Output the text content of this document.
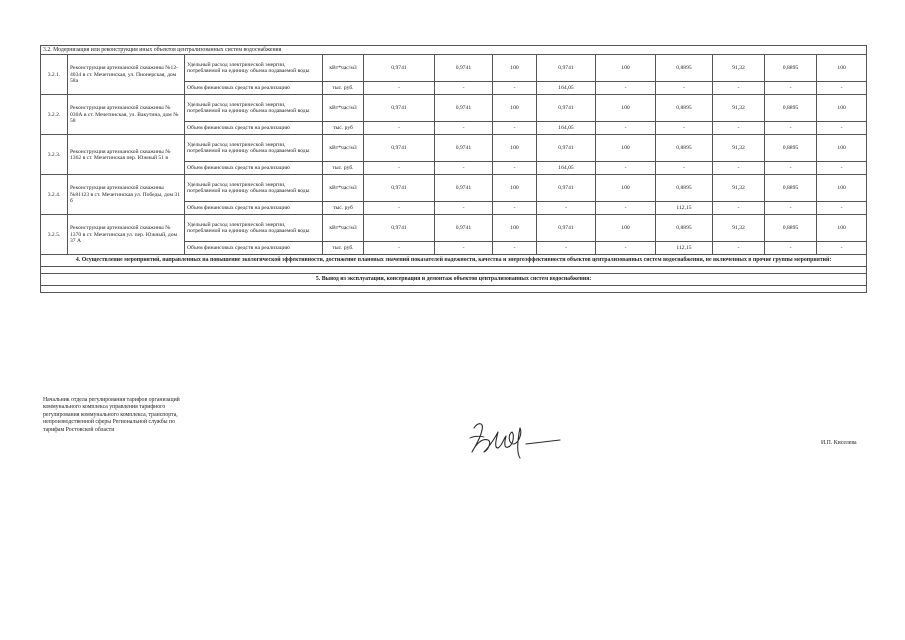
3.2. Модернизация или реконструкция иных объектов централизованных систем водоснабжения												
3.2.1.	Реконструкция артезианской скважины №12-4034 в ст. Мечетинская, ул. Пионерская, дом 58а	Удельный расход электрической энергии, потребляемой на единицу объема подаваемой воды	кВт*час/м3	0,9741	0,9741	100	0,9741	100	0,8895	91,32	0,8895	100
		Объем финансовых средств на реализацию	тыс. руб.	-	-	-	164,05	-	-	-	-	-
3.2.2.	Реконструкция артезианской скважины № 030А в ст. Мечетинская, ул. Вакутина, дом № 58	Удельный расход электрической энергии, потребляемой на единицу объема подаваемой воды	кВт*час/м3	0,9741	0,9741	100	0,9741	100	0,8895	91,32	0,8895	100
		Объем финансовых средств на реализацию	тыс. руб	-	-	-	164,05	-	-	-	-	-
3.2.3.	Реконструкция артезианской скважины № 1362 в ст. Мечетинская пер. Южный 51 в	Удельный расход электрической энергии, потребляемой на единицу объема подаваемой воды	кВт*час/м3	0,9741	0,9741	100	0,9741	100	0,8895	91,32	0,8895	100
		Объем финансовых средств на реализацию	тыс. руб.	-	-	-	164,05	-	-	-	-	-
3.2.4.	Реконструкция артезианской скважины №81123 в ст. Мечетинская ул. Победы, дом 31 б	Удельный расход электрической энергии, потребляемой на единицу объема подаваемой воды	кВт*час/м3	0,9741	0,9741	100	0,9741	100	0,8895	91,32	0,8895	100
		Объем финансовых средств на реализацию	тыс. руб	-	-	-	-	-	112,15	-	-	-
3.2.5.	Реконструкция артезианской скважины № 1370 в ст. Мечетинская ул. пер. Южный, дом 37 А	Удельный расход электрической энергии, потребляемой на единицу объема подаваемой воды	кВт*час/м3	0,9741	0,9741	100	0,9741	100	0,8895	91,32	0,8895	100
		Объем финансовых средств на реализацию	тыс. руб.	-	-	-	-	-	112,15	-	-	-
4. Осуществление мероприятий, направленных на повышение экологической эффективности, достижение плановых значений показателей надежности, качества и энергоэффективности объектов централизованных систем водоснабжения, не включенных в прочие группы мероприятий:												

5. Вывод из эксплуатации, консервация и демонтаж объектов централизованных систем водоснабжения:												

Начальник отдела регулирования тарифов организаций коммунального комплекса управления тарифного регулирования коммунального комплекса, транспорта, непроизводственной сферы Региональной службы по тарифам Ростовской области
И.П. Киселева
